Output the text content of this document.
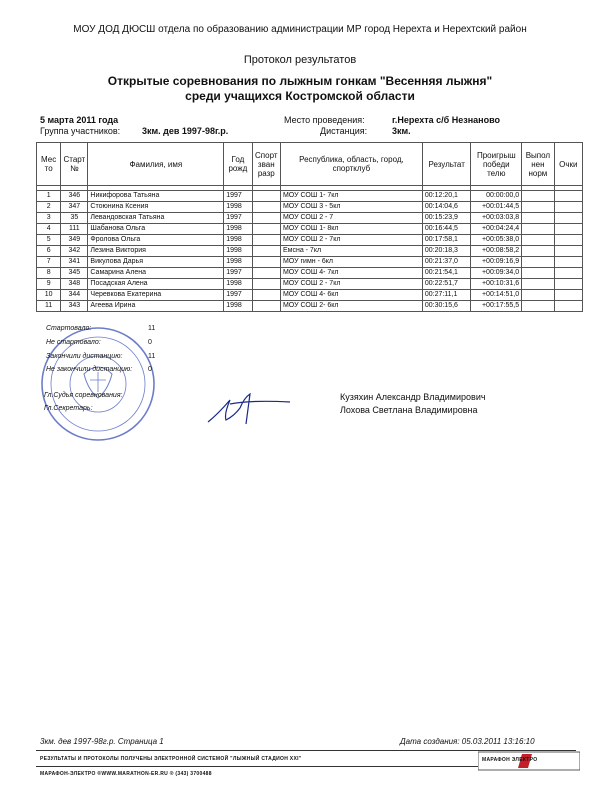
МОУ ДОД ДЮСШ отдела по образованию администрации МР город Нерехта и Нерехтский район
Протокол результатов
Открытые соревнования по лыжным гонкам "Весенняя лыжня"
среди учащихся Костромской области
5 марта 2011 года
Группа участников: 3км. дев 1997-98г.р.
Место проведения:	г.Нерехта с/б Незнаново
Дистанция:	3км.
Мес то	Старт №	Фамилия, имя	Год рожд	Спорт зван разр	Республика, область, город, спортклуб	Результат	Проигрыш победи телю	Выпол нен норм	Очки

1	346	Никифорова Татьяна	1997		МОУ СОШ 1- 7кл	00:12:20,1	00:00:00,0		
2	347	Стоюнина Ксения	1998		МОУ СОШ 3 - 5кл	00:14:04,6	+00:01:44,5		
3	35	Левандовская Татьяна	1997		МОУ СОШ 2 - 7	00:15:23,9	+00:03:03,8		
4	111	Шабанова Ольга	1998		МОУ СОШ 1- 8кл	00:16:44,5	+00:04:24,4		
5	349	Фролова Ольга	1998		МОУ СОШ 2 - 7кл	00:17:58,1	+00:05:38,0		
6	342	Лезина Виктория	1998		Емсна - 7кл	00:20:18,3	+00:08:58,2		
7	341	Викулова Дарья	1998		МОУ гимн - 6кл	00:21:37,0	+00:09:16,9		
8	345	Самарина Алена	1997		МОУ СОШ 4- 7кл	00:21:54,1	+00:09:34,0		
9	348	Посадская Алена	1998		МОУ СОШ 2 - 7кл	00:22:51,7	+00:10:31,6		
10	344	Черевкова Екатерина	1997		МОУ СОШ 4- 6кл	00:27:11,1	+00:14:51,0		
11	343	Агеева Ирина	1998		МОУ СОШ 2- 6кл	00:30:15,6	+00:17:55,5		
Стартовало:	11
Не стартовало:	0
Закончили дистанцию:	11
Не закончили дистанцию: 0
Гл.Судья соревнования:
Гл.Секретарь:
Кузяхин Александр Владимирович
Лохова Светлана Владимировна
3км. дев 1997-98г.р. Страница 1	Дата создания: 05.03.2011 13:16:10
РЕЗУЛЬТАТЫ И ПРОТОКОЛЫ ПОЛУЧЕНЫ ЭЛЕКТРОННОЙ СИСТЕМОЙ "ЛЫЖНЫЙ СТАДИОН XXI"
МАРАФОН-ЭЛЕКТРО ®WWW.MARATHON-ER.RU ® (343) 3700488
МАРАФОН ЭЛЕКТРО
